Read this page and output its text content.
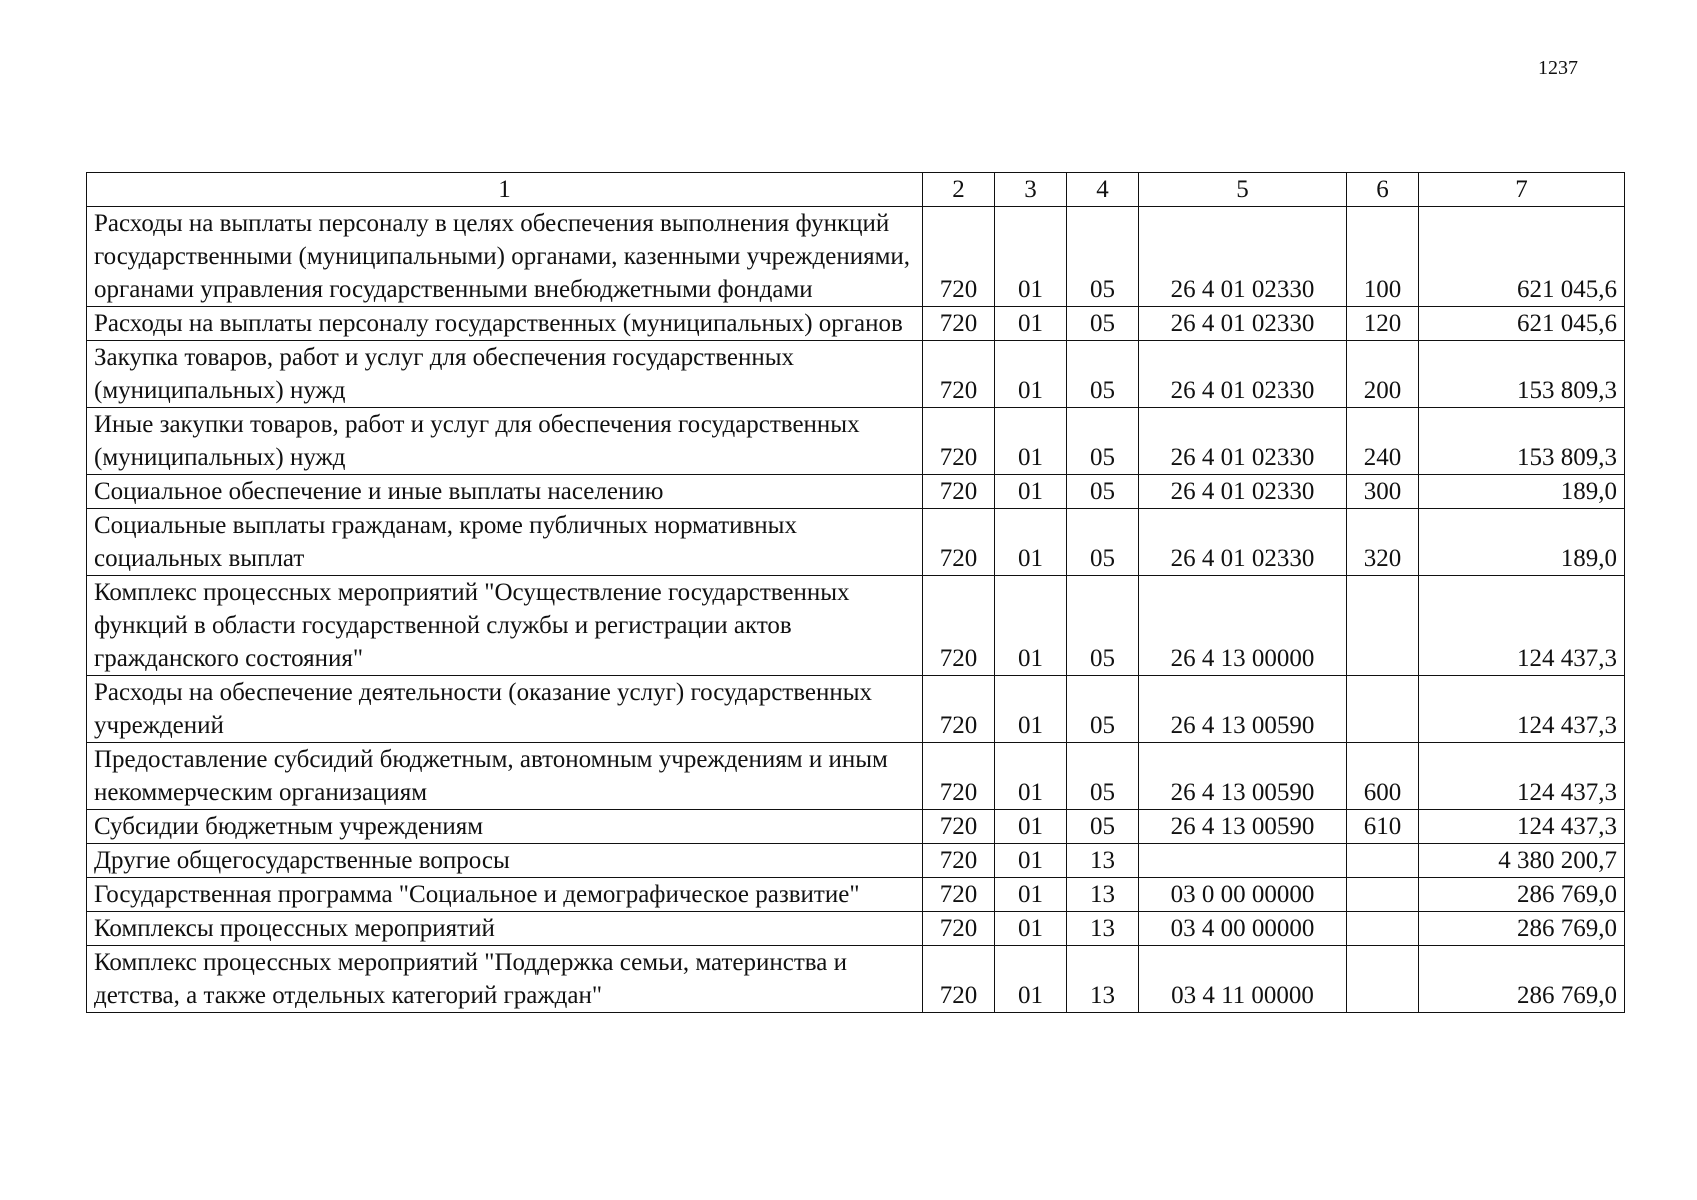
1237
1	2	3	4	5	6	7
Расходы на выплаты персоналу в целях обеспечения выполнения функций государственными (муниципальными) органами, казенными учреждениями, органами управления государственными внебюджетными фондами	720	01	05	26 4 01 02330	100	621 045,6
Расходы на выплаты персоналу государственных (муниципальных) органов	720	01	05	26 4 01 02330	120	621 045,6
Закупка товаров, работ и услуг для обеспечения государственных (муниципальных) нужд	720	01	05	26 4 01 02330	200	153 809,3
Иные закупки товаров, работ и услуг для обеспечения государственных (муниципальных) нужд	720	01	05	26 4 01 02330	240	153 809,3
Социальное обеспечение и иные выплаты населению	720	01	05	26 4 01 02330	300	189,0
Социальные выплаты гражданам, кроме публичных нормативных социальных выплат	720	01	05	26 4 01 02330	320	189,0
Комплекс процессных мероприятий "Осуществление государственных функций в области государственной службы и регистрации актов гражданского состояния"	720	01	05	26 4 13 00000		124 437,3
Расходы на обеспечение деятельности (оказание услуг) государственных учреждений	720	01	05	26 4 13 00590		124 437,3
Предоставление субсидий бюджетным, автономным учреждениям и иным некоммерческим организациям	720	01	05	26 4 13 00590	600	124 437,3
Субсидии бюджетным учреждениям	720	01	05	26 4 13 00590	610	124 437,3
Другие общегосударственные вопросы	720	01	13			4 380 200,7
Государственная программа "Социальное и демографическое развитие"	720	01	13	03 0 00 00000		286 769,0
Комплексы процессных мероприятий	720	01	13	03 4 00 00000		286 769,0
Комплекс процессных мероприятий "Поддержка семьи, материнства и детства, а также отдельных категорий граждан"	720	01	13	03 4 11 00000		286 769,0
